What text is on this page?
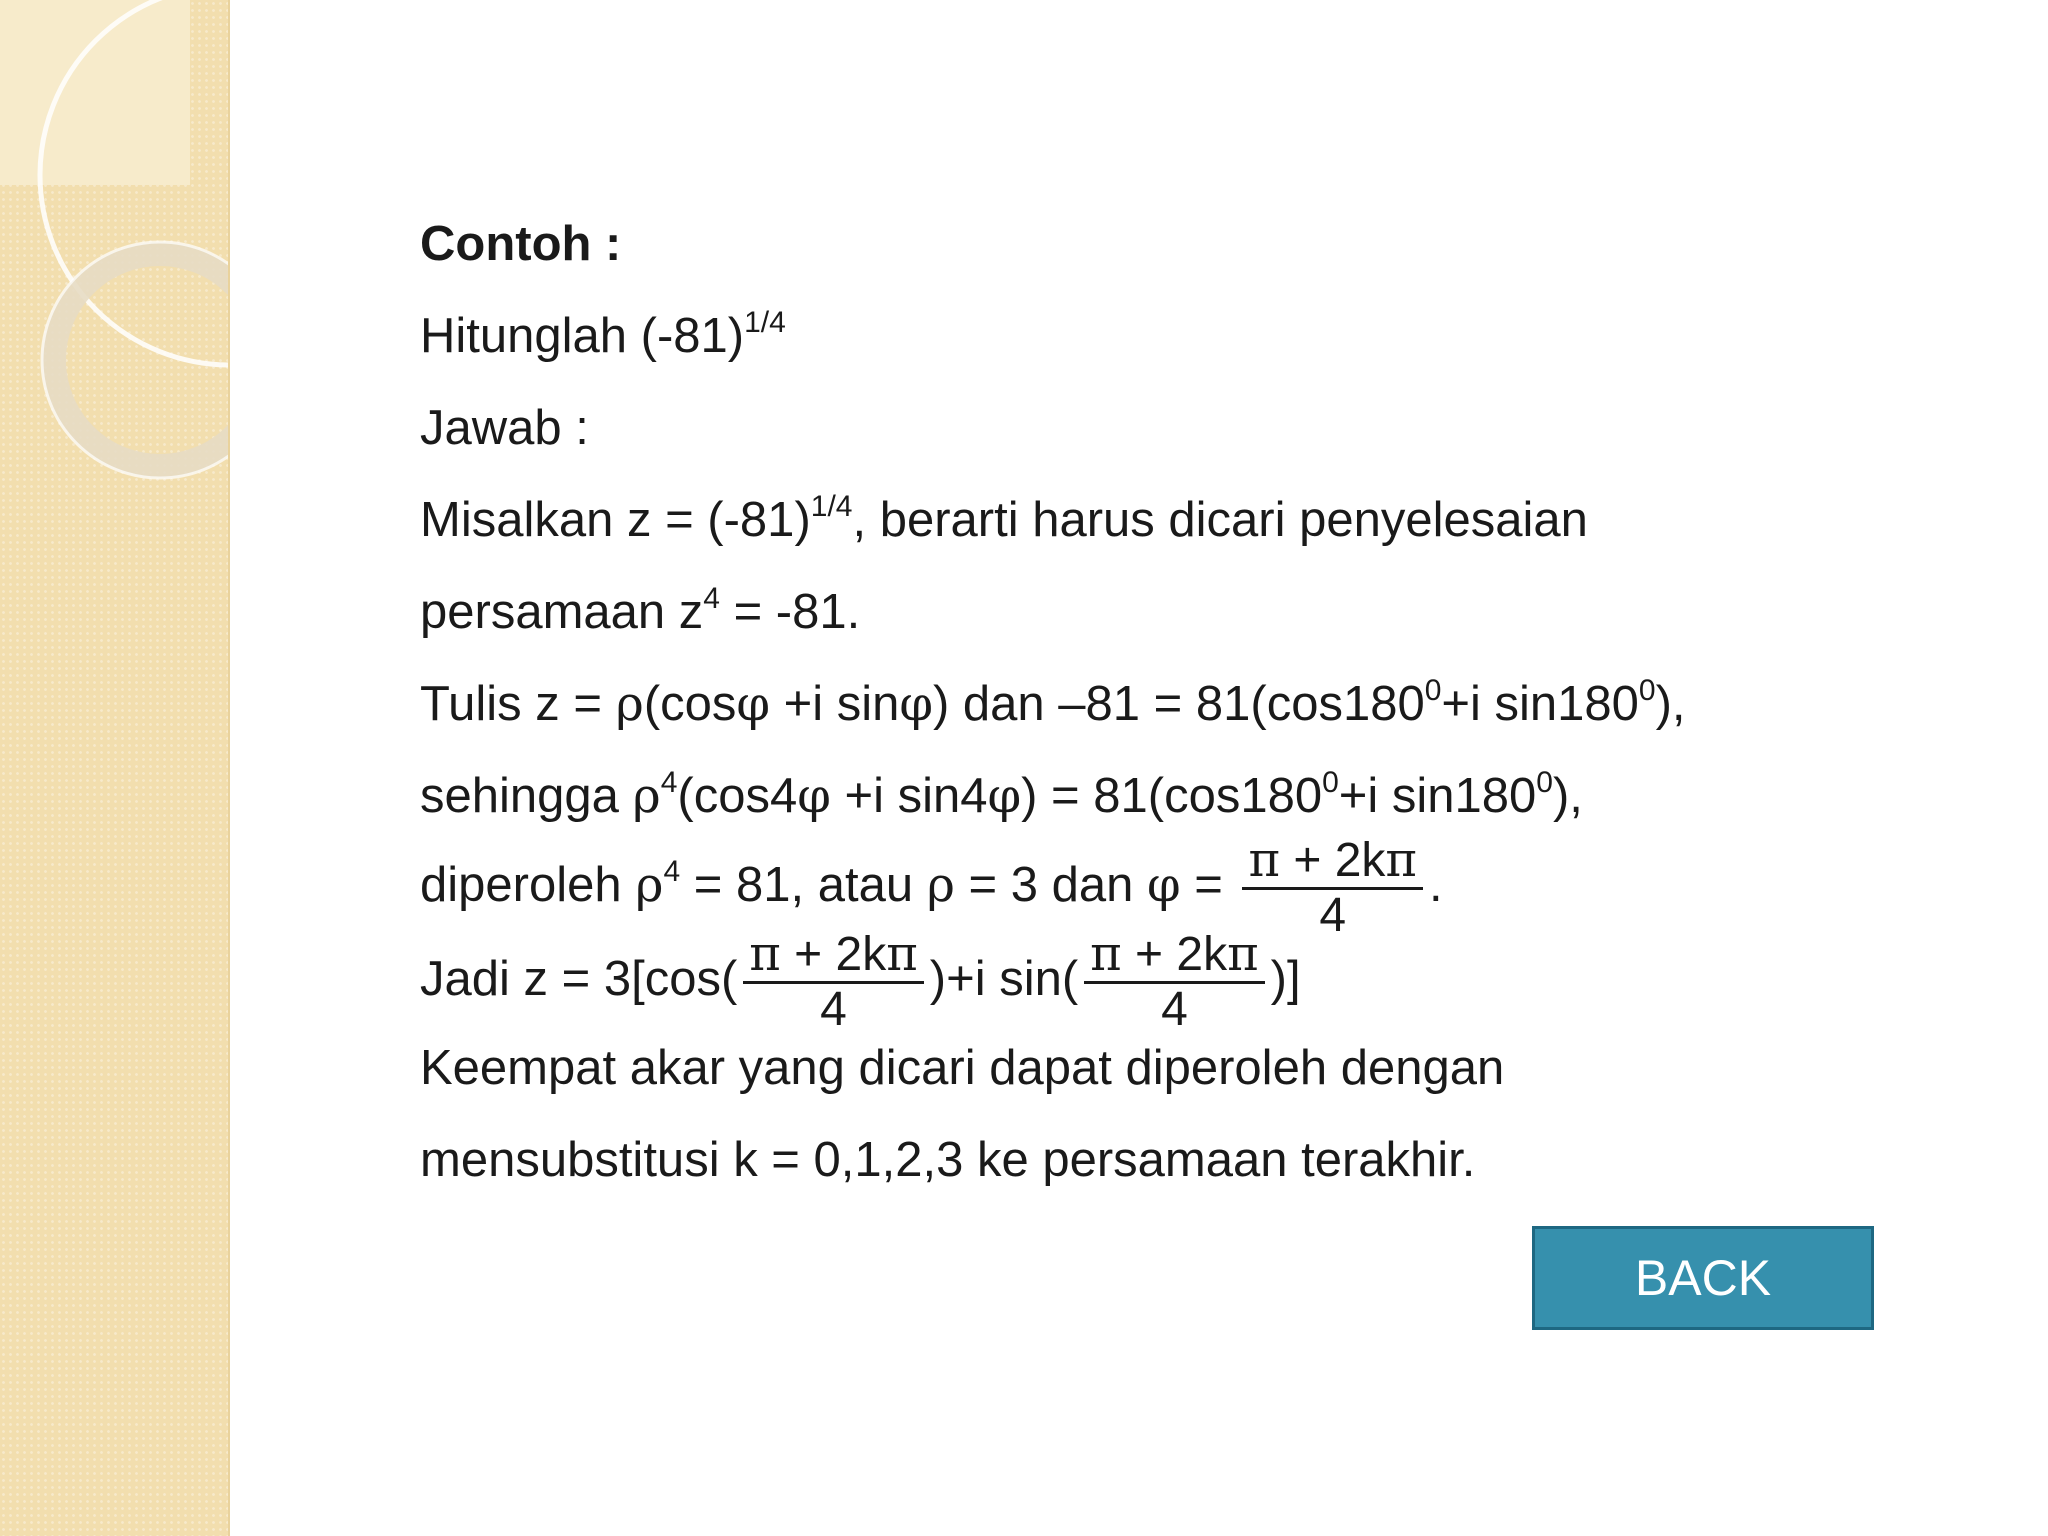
Contoh :
Hitunglah $(-81)^{1/4}$
Jawab :
Misalkan $z = (-81)^{1/4}$, berarti harus dicari penyelesaian
persamaan $z^4 = -81$.
Tulis z = ρ(cosφ +i sinφ) dan $-81 = 81(\cos 180^0+i$ $\sin 180^0$),
sehingga $\rho^4(\cos 4\varphi +i$ $\sin 4\varphi) = 81(\cos 180^0+i$ $\sin 180^0$),
diperoleh $\rho^4 = 81$, atau ρ = 3 dan $\varphi = \frac{\pi + 2k\pi}{4}$ .
Jadi $z = 3[\cos( \frac{\pi + 2k\pi}{4} )+i$ $\sin( \frac{\pi + 2k\pi}{4}$ )]
Keempat akar yang dicari dapat diperoleh dengan
mensubstitusi k = 0,1,2,3 ke persamaan terakhir.
BACK
